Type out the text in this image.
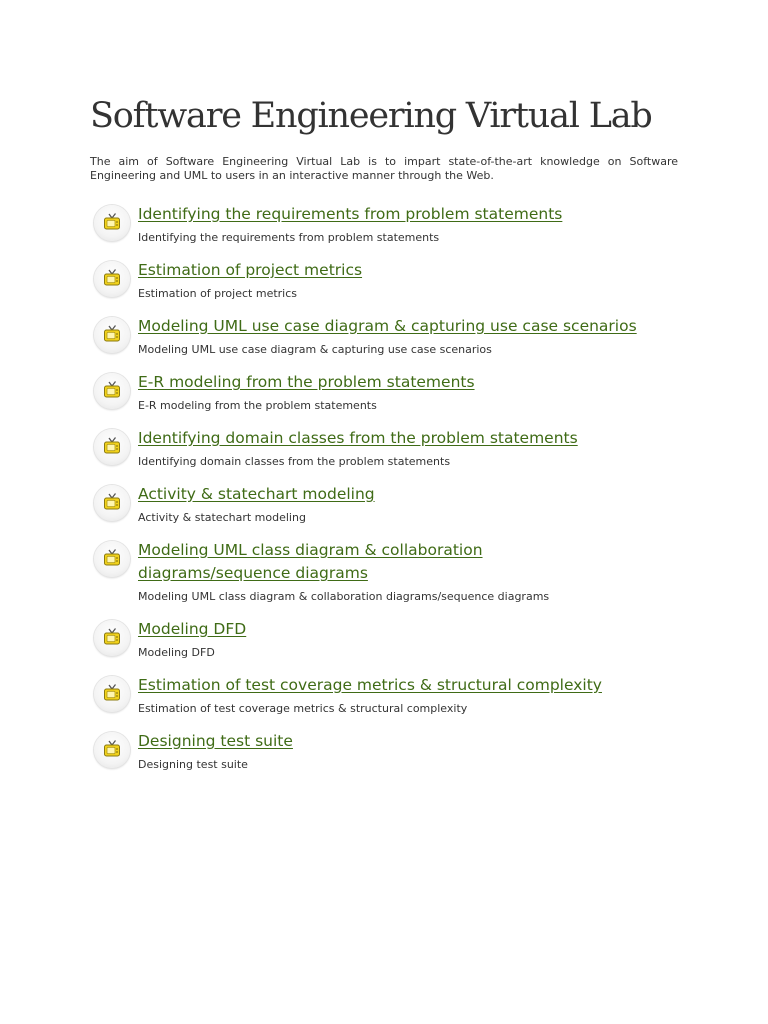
Software Engineering Virtual Lab

The aim of Software Engineering Virtual Lab is to impart state-of-the-art knowledge on Software Engineering and UML to users in an interactive manner through the Web.

Identifying the requirements from problem statements
Identifying the requirements from problem statements
Estimation of project metrics
Estimation of project metrics
Modeling UML use case diagram & capturing use case scenarios
Modeling UML use case diagram & capturing use case scenarios
E-R modeling from the problem statements
E-R modeling from the problem statements
Identifying domain classes from the problem statements
Identifying domain classes from the problem statements
Activity & statechart modeling
Activity & statechart modeling
Modeling UML class diagram & collaboration diagrams/sequence diagrams
Modeling UML class diagram & collaboration diagrams/sequence diagrams
Modeling DFD
Modeling DFD
Estimation of test coverage metrics & structural complexity
Estimation of test coverage metrics & structural complexity
Designing test suite
Designing test suite
